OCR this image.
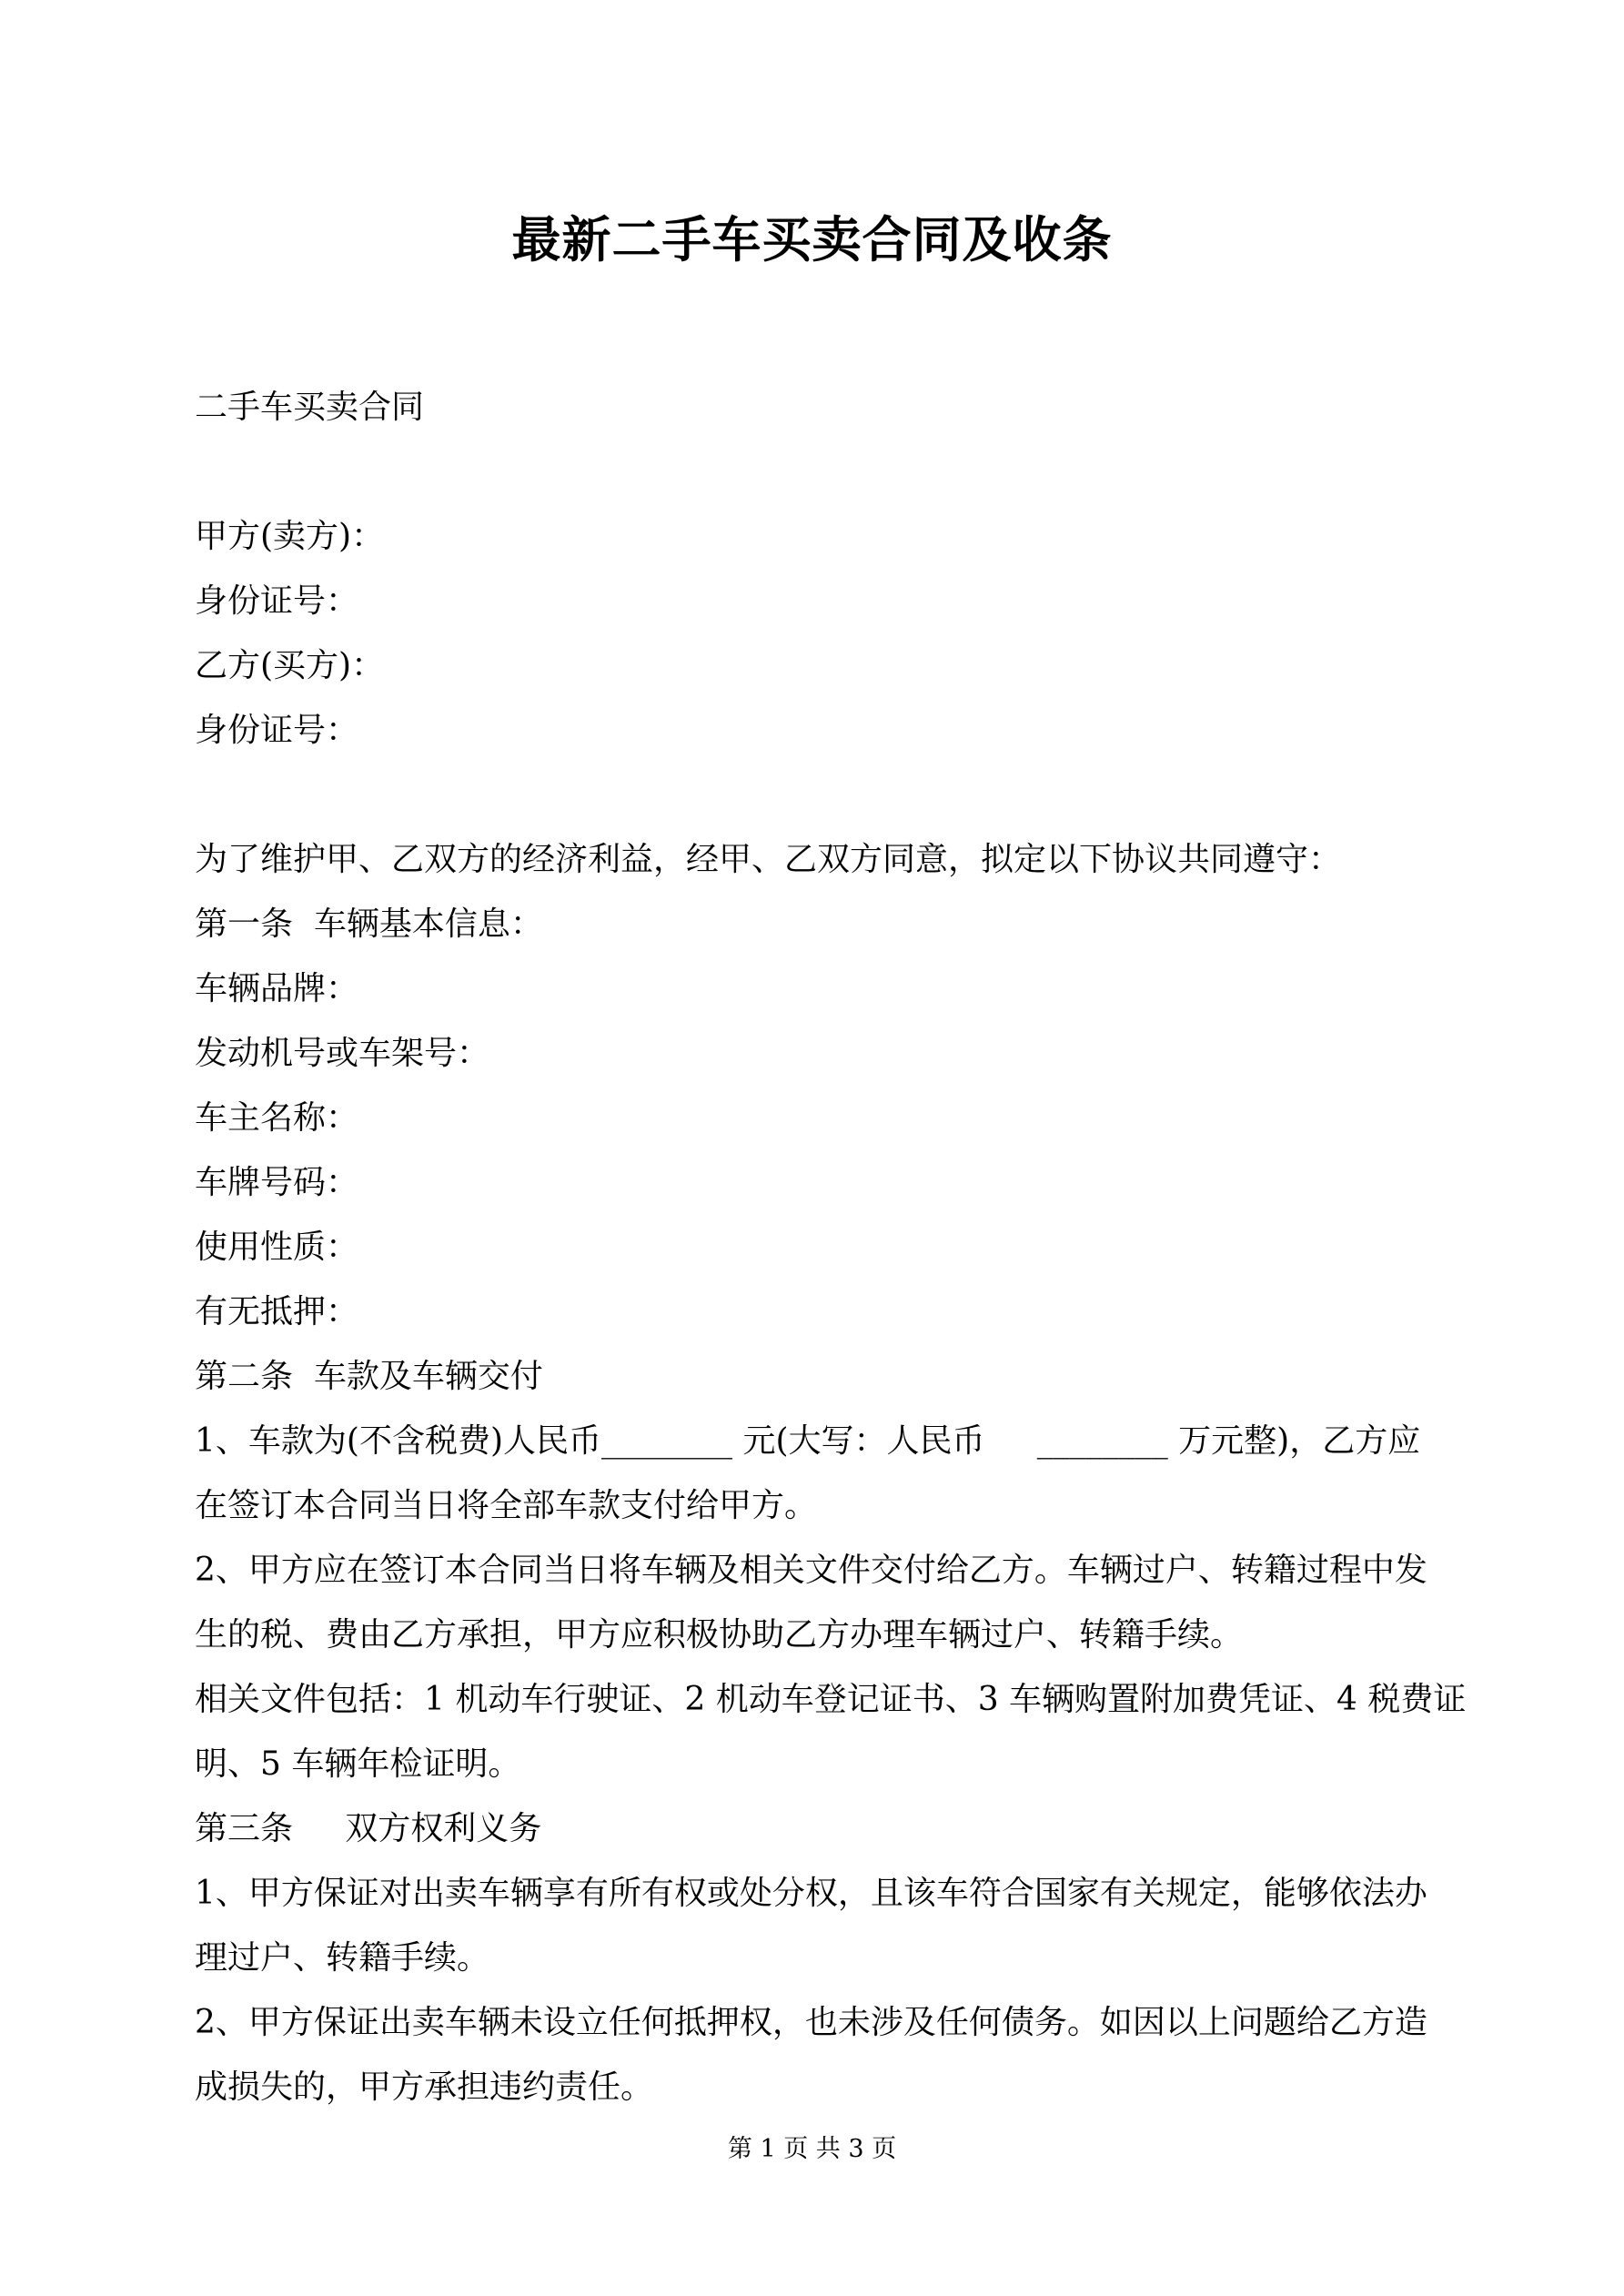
最新二手车买卖合同及收条

二手车买卖合同

甲方(卖方)：

身份证号：

乙方(买方)：

身份证号：

为了维护甲、乙双方的经济利益，经甲、乙双方同意，拟定以下协议共同遵守：

第一条  车辆基本信息：

车辆品牌：

发动机号或车架号：

车主名称：

车牌号码：

使用性质：

有无抵押：

第二条  车款及车辆交付

1、车款为(不含税费)人民币________ 元(大写：人民币     ________ 万元整)，乙方应

在签订本合同当日将全部车款支付给甲方。

2、甲方应在签订本合同当日将车辆及相关文件交付给乙方。车辆过户、转籍过程中发

生的税、费由乙方承担，甲方应积极协助乙方办理车辆过户、转籍手续。

相关文件包括：1 机动车行驶证、2 机动车登记证书、3 车辆购置附加费凭证、4 税费证

明、5 车辆年检证明。

第三条     双方权利义务

1、甲方保证对出卖车辆享有所有权或处分权，且该车符合国家有关规定，能够依法办

理过户、转籍手续。

2、甲方保证出卖车辆未设立任何抵押权，也未涉及任何债务。如因以上问题给乙方造

成损失的，甲方承担违约责任。

第 1 页 共 3 页
